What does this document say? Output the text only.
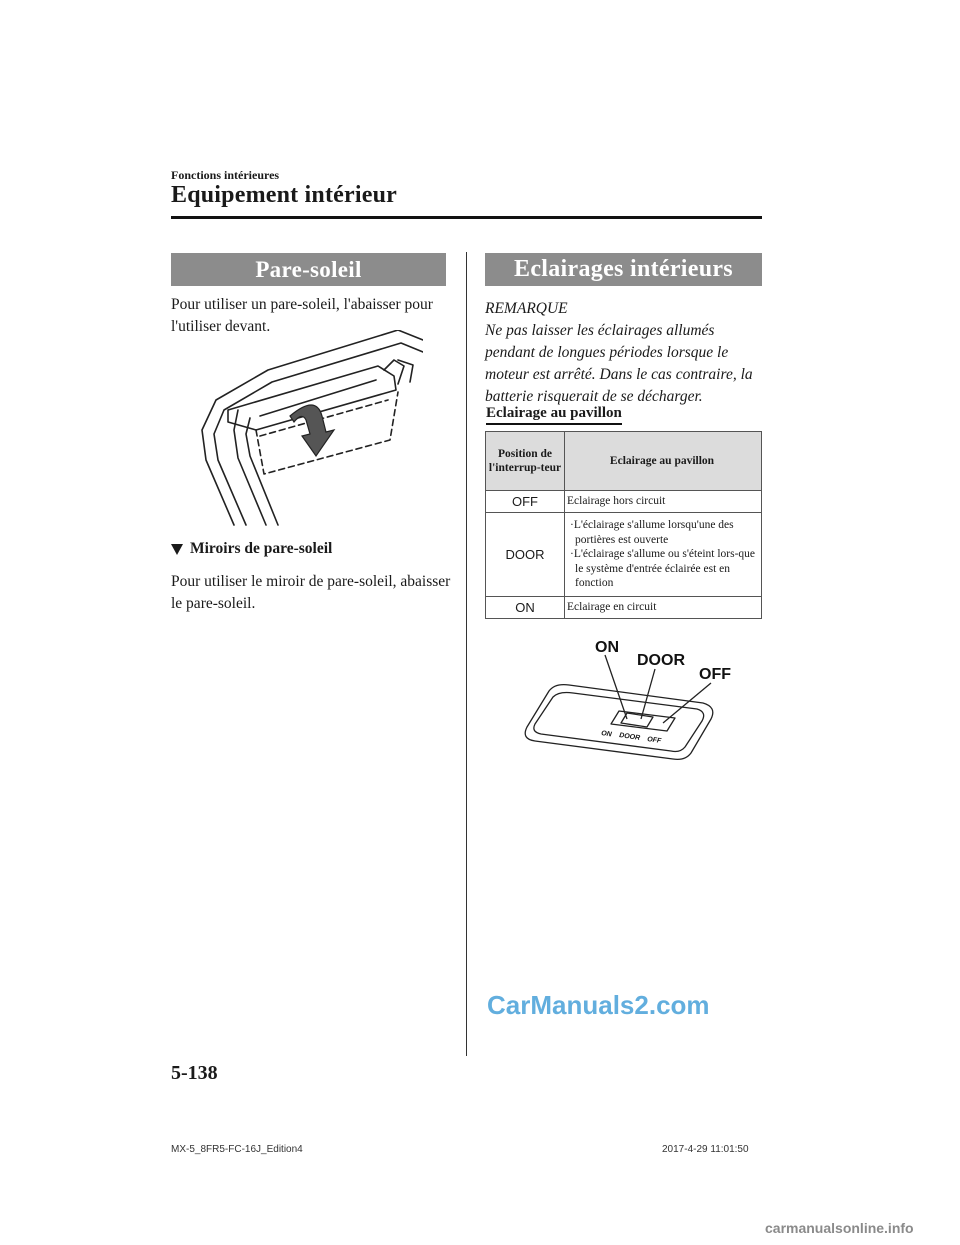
Fonctions intérieures
Equipement intérieur
Pare-soleil
Pour utiliser un pare-soleil, l'abaisser pour l'utiliser devant.
Miroirs de pare-soleil
Pour utiliser le miroir de pare-soleil, abaisser le pare-soleil.
Eclairages intérieurs
REMARQUE
Ne pas laisser les éclairages allumés pendant de longues périodes lorsque le moteur est arrêté. Dans le cas contraire, la batterie risquerait de se décharger.
Eclairage au pavillon
Position de l'interrup-teur	Eclairage au pavillon
OFF	Eclairage hors circuit
DOOR	·L'éclairage s'allume lorsqu'une des portières est ouverte
·L'éclairage s'allume ou s'éteint lors-que le système d'entrée éclairée est en fonction

ON	Eclairage en circuit
ON
DOOR
OFF
ON DOOR OFF
CarManuals2.com
5-138
MX-5_8FR5-FC-16J_Edition4	2017-4-29 11:01:50
carmanualsonline.info
